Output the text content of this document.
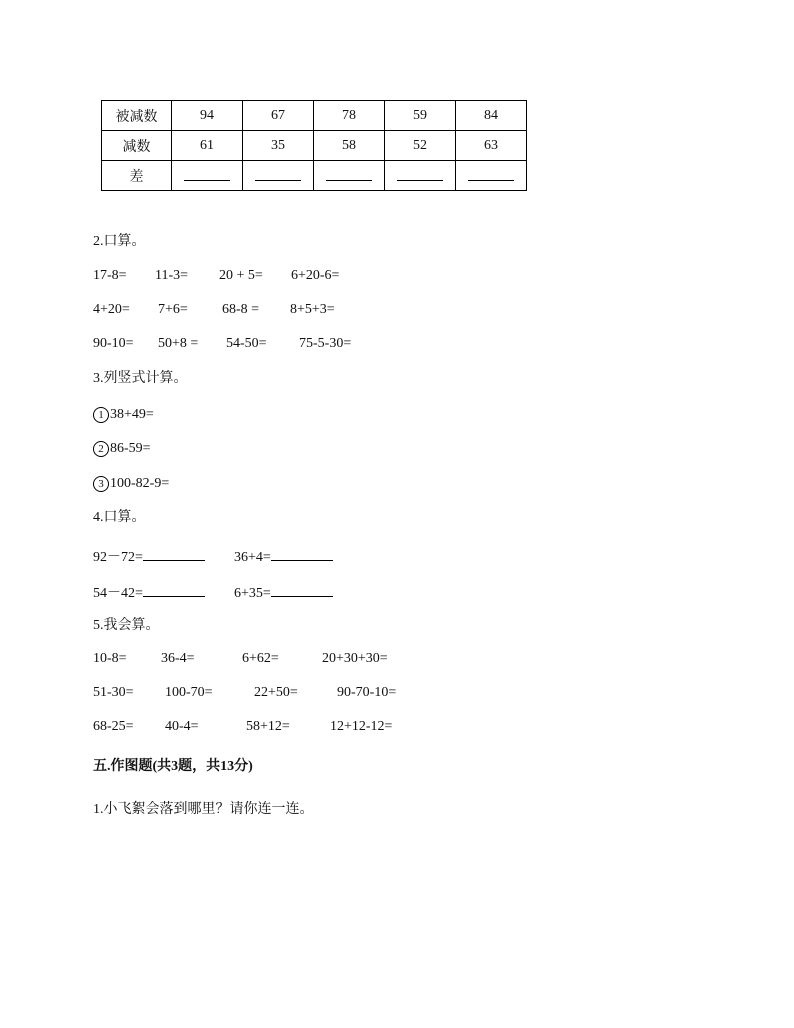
被减数	94	67	78	59	84
减数	61	35	58	52	63
差					
2.口算。
17-8= 11-3= 20 + 5= 6+20-6=
4+20= 7+6= 68-8 = 8+5+3=
90-10= 50+8 = 54-50= 75-5-30=
3.列竖式计算。
1 38+49=
2 86-59=
3 100-82-9=
4.口算。
92－72=	36+4=
54－42=	6+35=
5.我会算。
10-8= 36-4=	6+62=	20+30+30=
51-30= 100-70=	22+50=	90-70-10=
68-25= 40-4=	58+12=	12+12-12=
五.作图题(共3题，共13分)
1.小飞絮会落到哪里？请你连一连。
